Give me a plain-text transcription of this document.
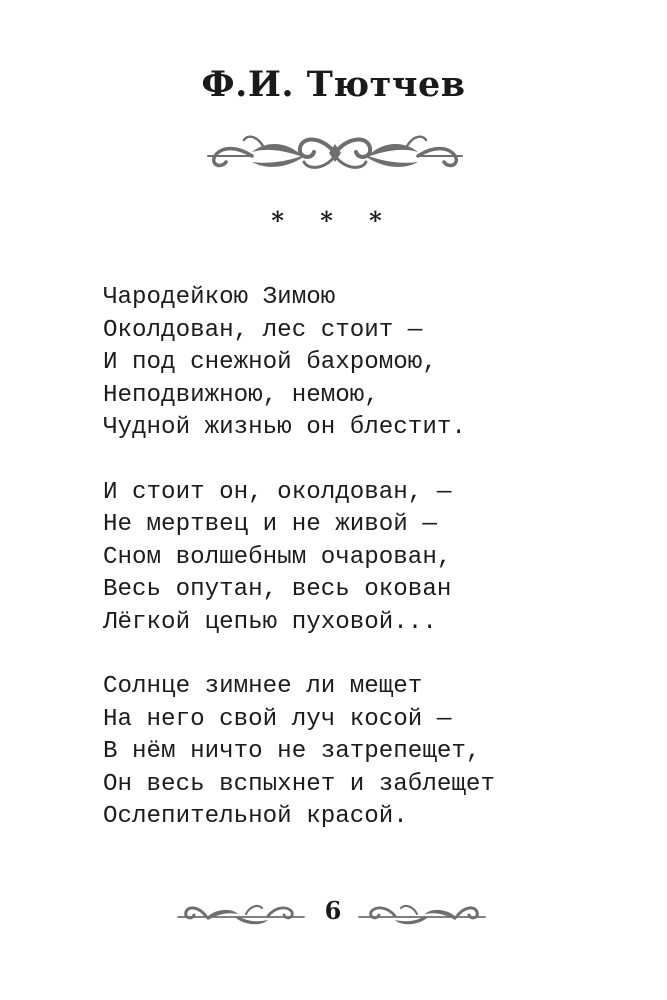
Ф.И. Тютчев
* * *
Чародейкою Зимою
Околдован, лес стоит —
И под снежной бахромою,
Неподвижною, немою,
Чудной жизнью он блестит.
И стоит он, околдован, —
Не мертвец и не живой —
Сном волшебным очарован,
Весь опутан, весь окован
Лёгкой цепью пуховой...
Солнце зимнее ли мещет
На него свой луч косой —
В нём ничто не затрепещет,
Он весь вспыхнет и заблещет
Ослепительной красой.
6
